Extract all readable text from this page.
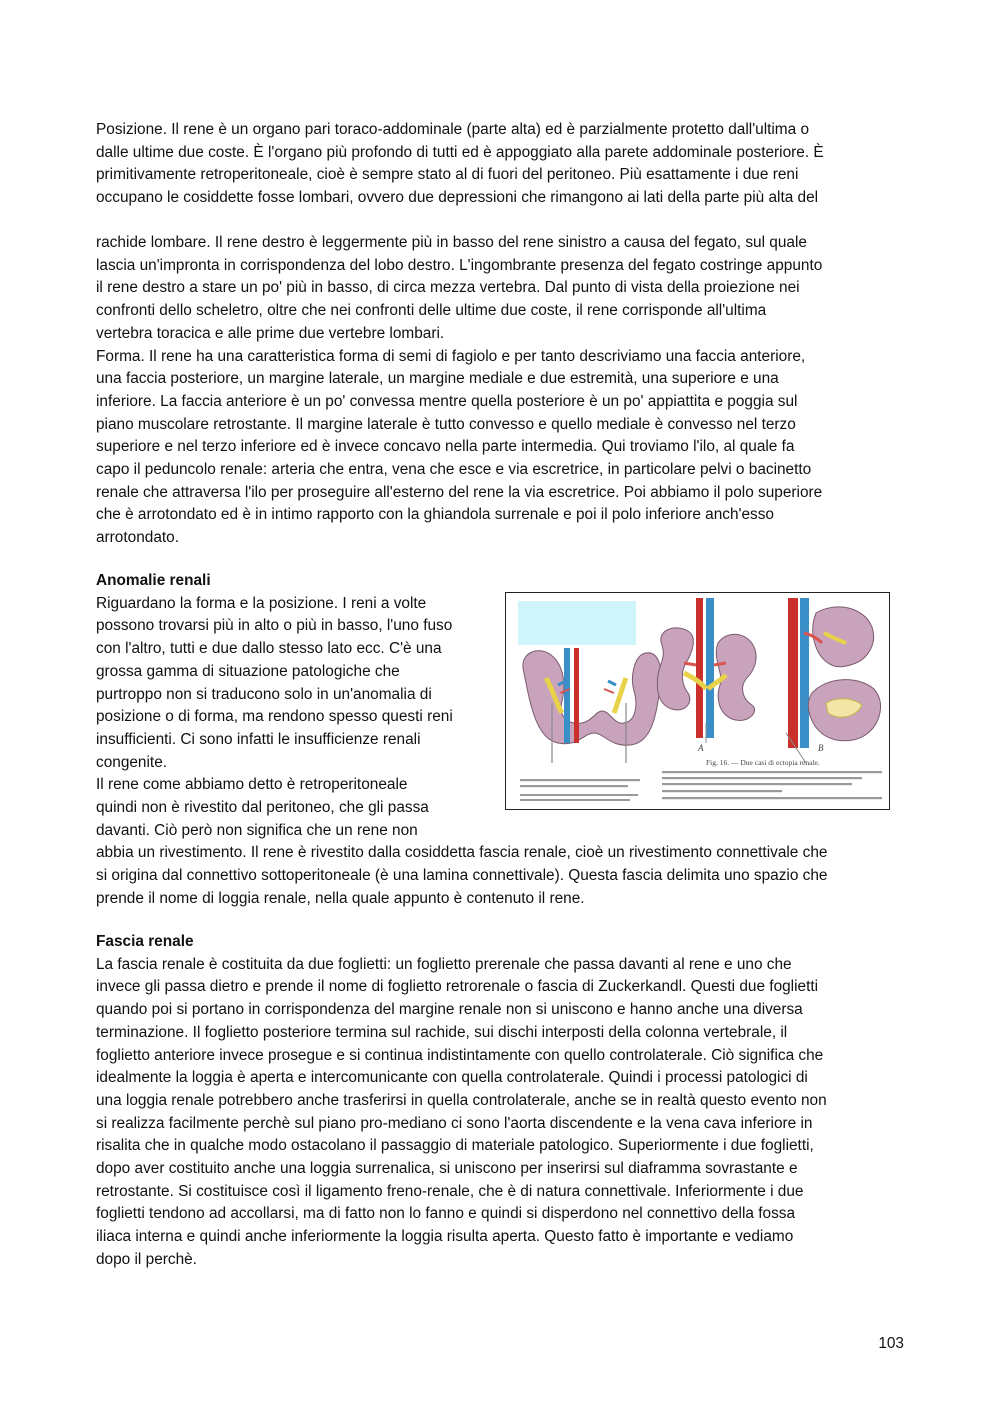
Posizione. Il rene è un organo pari toraco-addominale (parte alta) ed è parzialmente protetto dall'ultima o
dalle ultime due coste. È l'organo più profondo di tutti ed è appoggiato alla parete addominale posteriore. È
primitivamente retroperitoneale, cioè è sempre stato al di fuori del peritoneo. Più esattamente i due reni
occupano le cosiddette fosse lombari, ovvero due depressioni che rimangono ai lati della parte più alta del
rachide lombare. Il rene destro è leggermente più in basso del rene sinistro a causa del fegato, sul quale
lascia un'impronta in corrispondenza del lobo destro. L'ingombrante presenza del fegato costringe appunto
il rene destro a stare un po' più in basso, di circa mezza vertebra. Dal punto di vista della proiezione nei
confronti dello scheletro, oltre che nei confronti delle ultime due coste, il rene corrisponde all'ultima
vertebra toracica e alle prime due vertebre lombari.
Forma. Il rene ha una caratteristica forma di semi di fagiolo e per tanto descriviamo una faccia anteriore,
una faccia posteriore, un margine laterale, un margine mediale e due estremità, una superiore e una
inferiore. La faccia anteriore è un po' convessa mentre quella posteriore è un po' appiattita e poggia sul
piano muscolare retrostante. Il margine laterale è tutto convesso e quello mediale è convesso nel terzo
superiore e nel terzo inferiore ed è invece concavo nella parte intermedia. Qui troviamo l'ilo, al quale fa
capo il peduncolo renale: arteria che entra, vena che esce e via escretrice, in particolare pelvi o bacinetto
renale che attraversa l'ilo per proseguire all'esterno del rene la via escretrice. Poi abbiamo il polo superiore
che è arrotondato ed è in intimo rapporto con la ghiandola surrenale e poi il polo inferiore anch'esso
arrotondato.
Anomalie renali
Riguardano la forma e la posizione. I reni a volte
possono trovarsi più in alto o più in basso, l'uno fuso
con l'altro, tutti e due dallo stesso lato ecc. C'è una
grossa gamma di situazione patologiche che
purtroppo non si traducono solo in un'anomalia di
posizione o di forma, ma rendono spesso questi reni
insufficienti. Ci sono infatti le insufficienze renali
congenite.
Il rene come abbiamo detto è retroperitoneale
quindi non è rivestito dal peritoneo, che gli passa
davanti. Ciò però non significa che un rene non
abbia un rivestimento. Il rene è rivestito dalla cosiddetta fascia renale, cioè un rivestimento connettivale che
si origina dal connettivo sottoperitoneale (è una lamina connettivale). Questa fascia delimita uno spazio che
prende il nome di loggia renale, nella quale appunto è contenuto il rene.
A	B
Fig. 16. — Due casi di ectopia renale.
Fascia renale
La fascia renale è costituita da due foglietti: un foglietto prerenale che passa davanti al rene e uno che
invece gli passa dietro e prende il nome di foglietto retrorenale o fascia di Zuckerkandl. Questi due foglietti
quando poi si portano in corrispondenza del margine renale non si uniscono e hanno anche una diversa
terminazione. Il foglietto posteriore termina sul rachide, sui dischi interposti della colonna vertebrale, il
foglietto anteriore invece prosegue e si continua indistintamente con quello controlaterale. Ciò significa che
idealmente la loggia è aperta e intercomunicante con quella controlaterale. Quindi i processi patologici di
una loggia renale potrebbero anche trasferirsi in quella controlaterale, anche se in realtà questo evento non
si realizza facilmente perchè sul piano pro-mediano ci sono l'aorta discendente e la vena cava inferiore in
risalita che in qualche modo ostacolano il passaggio di materiale patologico. Superiormente i due foglietti,
dopo aver costituito anche una loggia surrenalica, si uniscono per inserirsi sul diaframma sovrastante e
retrostante. Si costituisce così il ligamento freno-renale, che è di natura connettivale. Inferiormente i due
foglietti tendono ad accollarsi, ma di fatto non lo fanno e quindi si disperdono nel connettivo della fossa
iliaca interna e quindi anche inferiormente la loggia risulta aperta. Questo fatto è importante e vediamo
dopo il perchè.
103
